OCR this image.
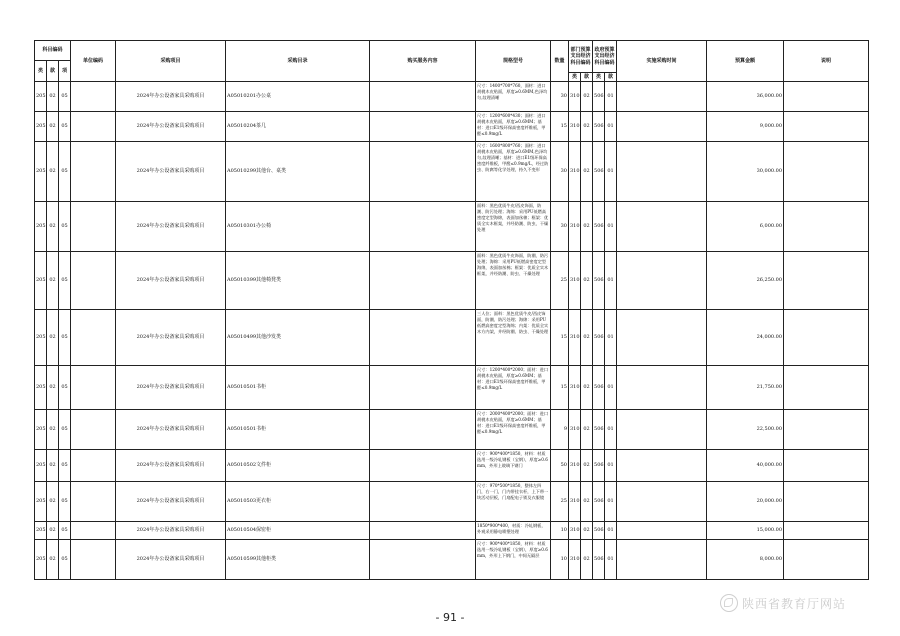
科目编码			单位编码	采购项目	采购目录	购买服务内容	规格型号	数量	部门预算支出经济科目编码		政府预算支出经济科目编码		实施采购时间	预算金额	说明
类	款	项													
									类	款	类	款			
205	02	05		2024年办公设备家具采购项目	A05010201办公桌		尺寸：1400*700*760，面材：进口胡桃木皮贴面，厚度≥0.6MM,色泽均匀,纹理清晰	30	310	02	506	01		36,000.00	
205	02	05		2024年办公设备家具采购项目	A05010204茶几		尺寸：1200*600*430；面材：进口胡桃木皮贴面，厚度≥0.6MM；基材：进口E1级环保高密度纤维板，甲醛≤0.9mg/L	15	310	02	506	01		9,000.00	
205	02	05		2024年办公设备家具采购项目	A05010299其他台、桌类		尺寸：1600*800*760；面材：进口胡桃木皮贴面，厚度≥0.6MM,色泽均匀,纹理清晰；基材：进口E1级环保高密度纤维板，甲醛≤0.9mg/L，经过防虫、防腐等化学处理，持久不变形	30	310	02	506	01		30,000.00	
205	02	05		2024年办公设备家具采购项目	A05010301办公椅		面料：黑色优质牛皮/西皮饰面，防潮、防污处理；海绵：采用PU低燃高密度定型海绵，表面加丝棉；框架：优质全实木框架，并经防潮、防虫、干燥处理	30	310	02	506	01		6,000.00	
205	02	05		2024年办公设备家具采购项目	A05010399其他椅凳类		面料：黑色优质牛皮饰面，防潮、防污处理；海绵：采用PU低燃高密度定型海绵，表面加丝棉；框架：优质全实木框架，并经防潮、防虫、干燥处理	25	310	02	506	01		26,250.00	
205	02	05		2024年办公设备家具采购项目	A05010499其他沙发类		三人位；面料：黑色优质牛皮/西皮饰面，防潮、防污处理；海绵：采用PU低燃高密度定型海绵；内架：优质全实木方内架，并经防潮、防虫、干燥处理	15	310	02	506	01		24,000.00	
205	02	05		2024年办公设备家具采购项目	A05010501书柜		尺寸：1200*400*2000；面材：进口胡桃木皮贴面，厚度≥0.6MM；基材：进口E1级环保高密度纤维板，甲醛≤0.9mg/L	15	310	02	506	01		21,750.00	
205	02	05		2024年办公设备家具采购项目	A05010501书柜		尺寸：2000*400*2000；面材：进口胡桃木皮贴面，厚度≥0.6MM；基材：进口E1级环保高密度纤维板，甲醛≤0.9mg/L	9	310	02	506	01		22,500.00	
205	02	05		2024年办公设备家具采购项目	A05010502文件柜		尺寸：900*400*1850，材料：材质选用一级冷轧钢板（宝钢），厚度≥0.6mm，外形上玻璃下钢门	50	310	02	506	01		40,000.00	
205	02	05		2024年办公设备家具采购项目	A05010503更衣柜		尺寸：970*500*1850，整体左四门，右一门，门内带挂衣杆，上下带一块活动层板，门扇配电子锁及衣服镜	25	310	02	506	01		20,000.00	
205	02	05		2024年办公设备家具采购项目	A05010504保密柜		1850*900*400，材质：冷轧钢板，外观采用静电喷塑处理	10	310	02	506	01		15,000.00	
205	02	05		2024年办公设备家具采购项目	A05010599其他柜类		尺寸：900*400*1850，材料：材质选用一级冷轧钢板（宝钢），厚度≥0.6mm，外形上下钢门，中间无隔层	10	310	02	506	01		8,000.00	
- 91 -
陕西省教育厅网站
